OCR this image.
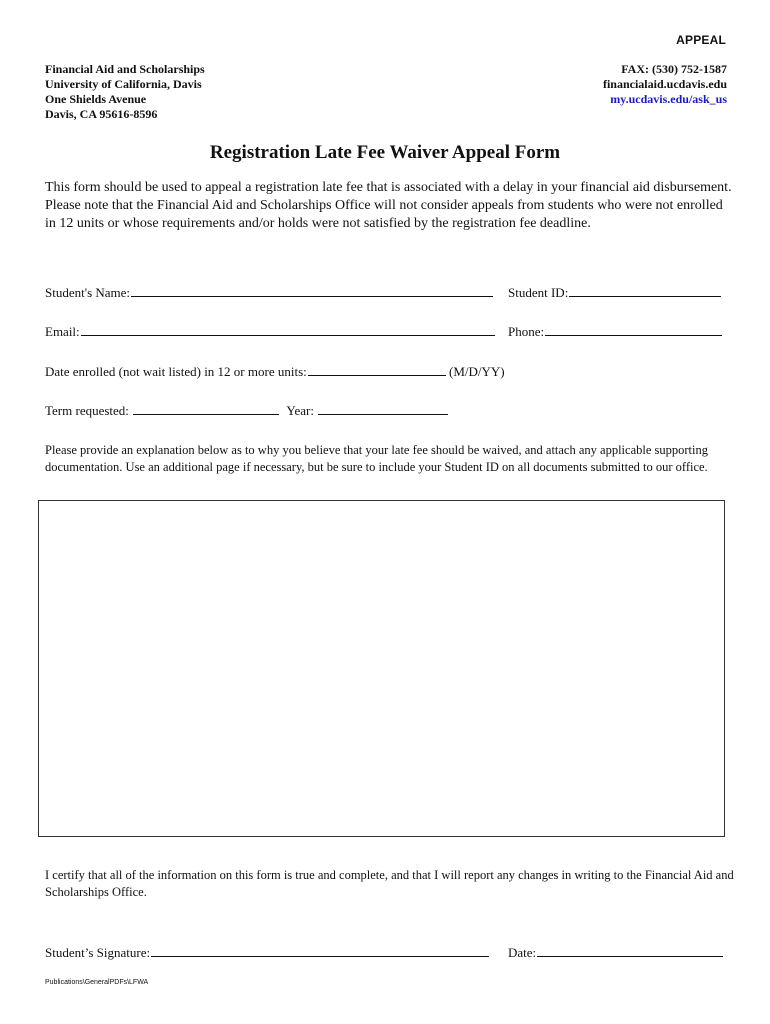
APPEAL
Financial Aid and Scholarships
University of California, Davis
One Shields Avenue
Davis, CA 95616-8596
FAX: (530) 752-1587
financialaid.ucdavis.edu
my.ucdavis.edu/ask_us
Registration Late Fee Waiver Appeal Form
This form should be used to appeal a registration late fee that is associated with a delay in your financial aid disbursement. Please note that the Financial Aid and Scholarships Office will not consider appeals from students who were not enrolled in 12 units or whose requirements and/or holds were not satisfied by the registration fee deadline.
Student's Name:	Student ID:
Email:	Phone:
Date enrolled (not wait listed) in 12 or more units:	(M/D/YY)
Term requested:	Year:
Please provide an explanation below as to why you believe that your late fee should be waived, and attach any applicable supporting documentation. Use an additional page if necessary, but be sure to include your Student ID on all documents submitted to our office.
I certify that all of the information on this form is true and complete, and that I will report any changes in writing to the Financial Aid and Scholarships Office.
Student’s Signature:	Date:
Publications\GeneralPDFs\LFWA
